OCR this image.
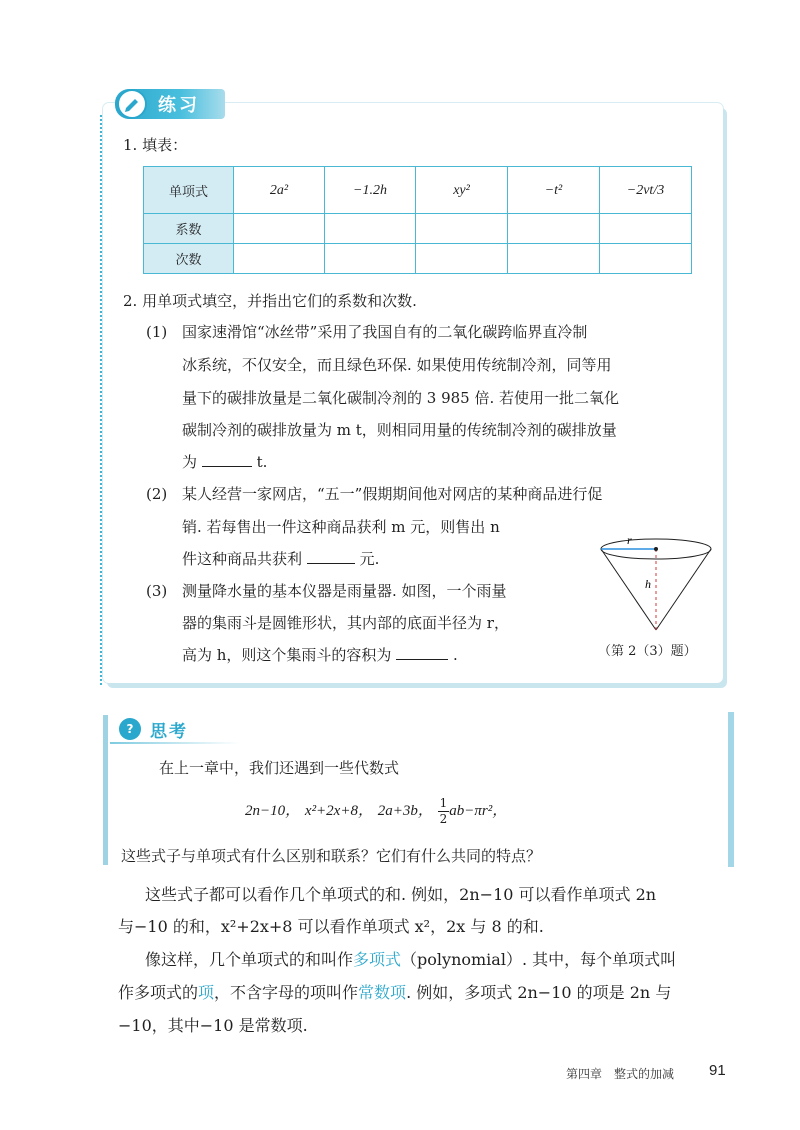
练习
1. 填表：
单项式	2a²	−1.2h	xy²	−t²	−2vt/3
系数					
次数					
2. 用单项式填空，并指出它们的系数和次数.
(1) 国家速滑馆“冰丝带”采用了我国自有的二氧化碳跨临界直冷制
冰系统，不仅安全，而且绿色环保. 如果使用传统制冷剂，同等用
量下的碳排放量是二氧化碳制冷剂的 3 985 倍. 若使用一批二氧化
碳制冷剂的碳排放量为 m t，则相同用量的传统制冷剂的碳排放量
为	t.
(2) 某人经营一家网店，“五一”假期期间他对网店的某种商品进行促
销. 若每售出一件这种商品获利 m 元，则售出 n
件这种商品共获利	元.
(3) 测量降水量的基本仪器是雨量器. 如图，一个雨量
器的集雨斗是圆锥形状，其内部的底面半径为 r，
高为 h，则这个集雨斗的容积为	.
r
h
（第 2（3）题）
? 思考
在上一章中，我们还遇到一些代数式
2n−10， x²+2x+8， 2a+3b， $\frac{1}{2} ab-\pi r^2$，
这些式子与单项式有什么区别和联系？它们有什么共同的特点？
这些式子都可以看作几个单项式的和. 例如，2n−10 可以看作单项式 2n
与−10 的和，x²+2x+8 可以看作单项式 x²，2x 与 8 的和.
像这样，几个单项式的和叫作多项式（polynomial）. 其中，每个单项式叫
作多项式的项，不含字母的项叫作常数项. 例如，多项式 2n−10 的项是 2n 与
−10，其中−10 是常数项.
第四章　整式的加减 91
